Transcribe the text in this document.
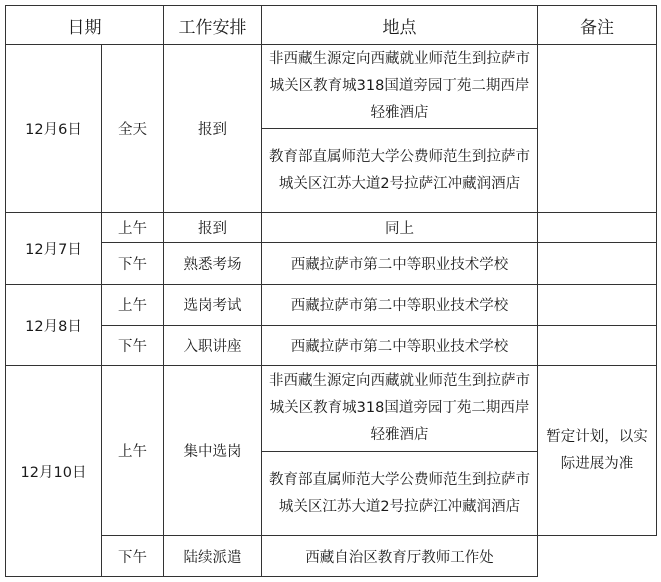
日期		工作安排	地点	备注
12月6日	全天	报到	非西藏生源定向西藏就业师范生到拉萨市城关区教育城318国道旁园丁苑二期西岸轻雅酒店	
			教育部直属师范大学公费师范生到拉萨市城关区江苏大道2号拉萨江冲藏润酒店	
12月7日	上午	报到	同上	
	下午	熟悉考场	西藏拉萨市第二中等职业技术学校	
12月8日	上午	选岗考试	西藏拉萨市第二中等职业技术学校	
	下午	入职讲座	西藏拉萨市第二中等职业技术学校	
12月10日	上午	集中选岗	非西藏生源定向西藏就业师范生到拉萨市城关区教育城318国道旁园丁苑二期西岸轻雅酒店	暂定计划，以实际进展为准
			教育部直属师范大学公费师范生到拉萨市城关区江苏大道2号拉萨江冲藏润酒店	
	下午	陆续派遣	西藏自治区教育厅教师工作处	
